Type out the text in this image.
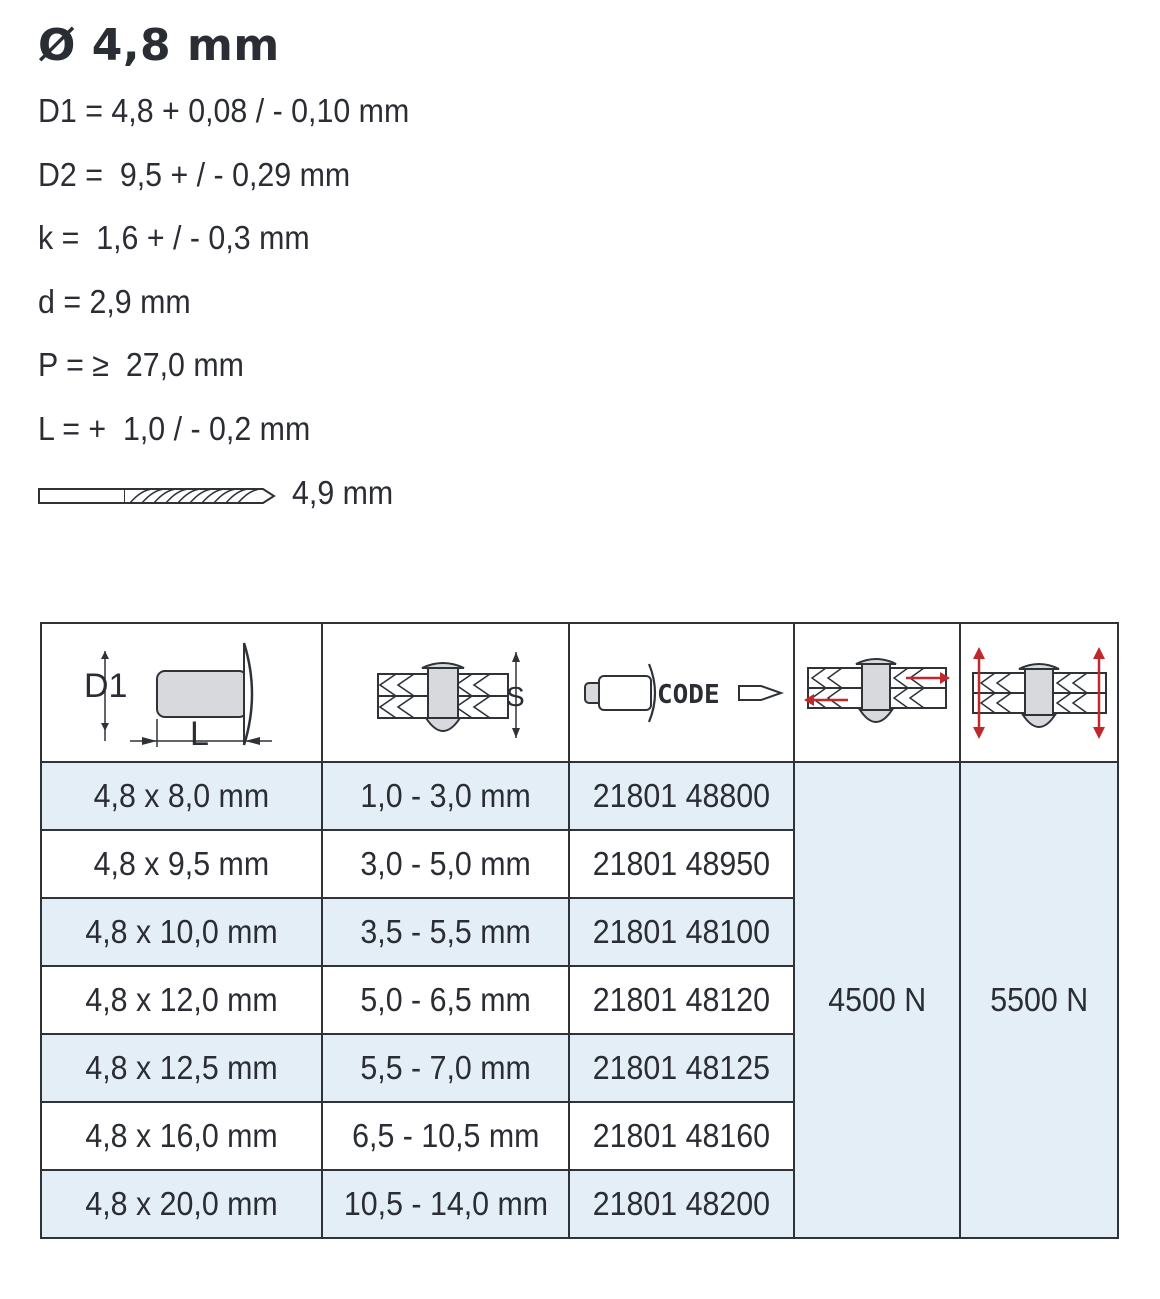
Ø 4,8 mm
D1 = 4,8 + 0,08 / - 0,10 mm
D2 =  9,5 + / - 0,29 mm
k =  1,6 + / - 0,3 mm
d = 2,9 mm
P = ≥  27,0 mm
L = +  1,0 / - 0,2 mm
4,9 mm
D1
L	S	CODE

4,8 x 8,0 mm	1,0 - 3,0 mm	21801 48800	4500 N	5500 N
4,8 x 9,5 mm	3,0 - 5,0 mm	21801 48950		
4,8 x 10,0 mm	3,5 - 5,5 mm	21801 48100		
4,8 x 12,0 mm	5,0 - 6,5 mm	21801 48120		
4,8 x 12,5 mm	5,5 - 7,0 mm	21801 48125		
4,8 x 16,0 mm	6,5 - 10,5 mm	21801 48160		
4,8 x 20,0 mm	10,5 - 14,0 mm	21801 48200		
